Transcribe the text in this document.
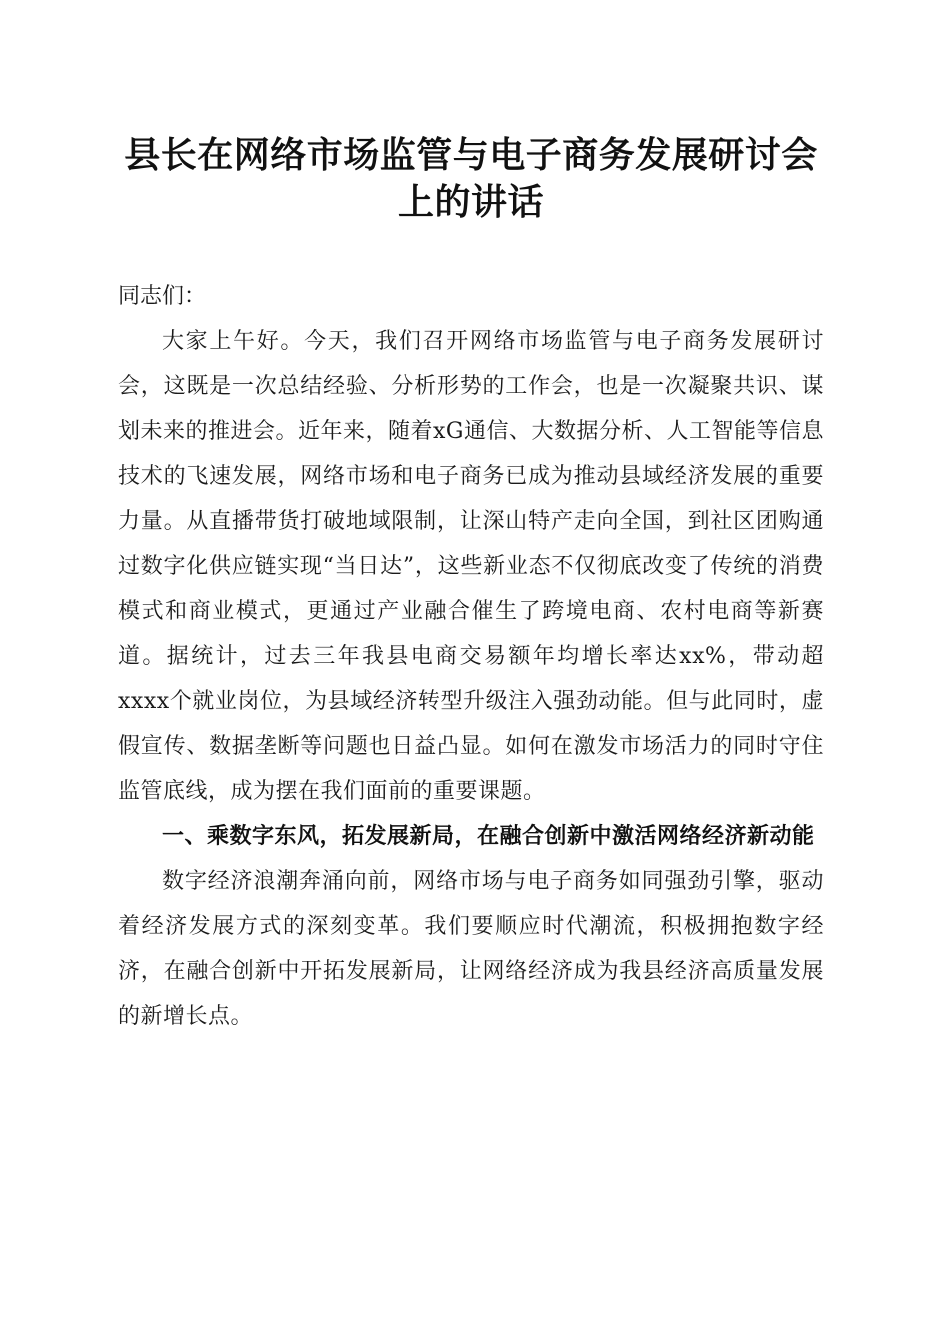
县长在网络市场监管与电子商务发展研讨会上的讲话

同志们：

大家上午好。今天，我们召开网络市场监管与电子商务发展研讨会，这既是一次总结经验、分析形势的工作会，也是一次凝聚共识、谋划未来的推进会。近年来，随着xG通信、大数据分析、人工智能等信息技术的飞速发展，网络市场和电子商务已成为推动县域经济发展的重要力量。从直播带货打破地域限制，让深山特产走向全国，到社区团购通过数字化供应链实现“当日达”，这些新业态不仅彻底改变了传统的消费模式和商业模式，更通过产业融合催生了跨境电商、农村电商等新赛道。据统计，过去三年我县电商交易额年均增长率达xx%，带动超xxxx个就业岗位，为县域经济转型升级注入强劲动能。但与此同时，虚假宣传、数据垄断等问题也日益凸显。如何在激发市场活力的同时守住监管底线，成为摆在我们面前的重要课题。

一、乘数字东风，拓发展新局，在融合创新中激活网络经济新动能

数字经济浪潮奔涌向前，网络市场与电子商务如同强劲引擎，驱动着经济发展方式的深刻变革。我们要顺应时代潮流，积极拥抱数字经济，在融合创新中开拓发展新局，让网络经济成为我县经济高质量发展的新增长点。
